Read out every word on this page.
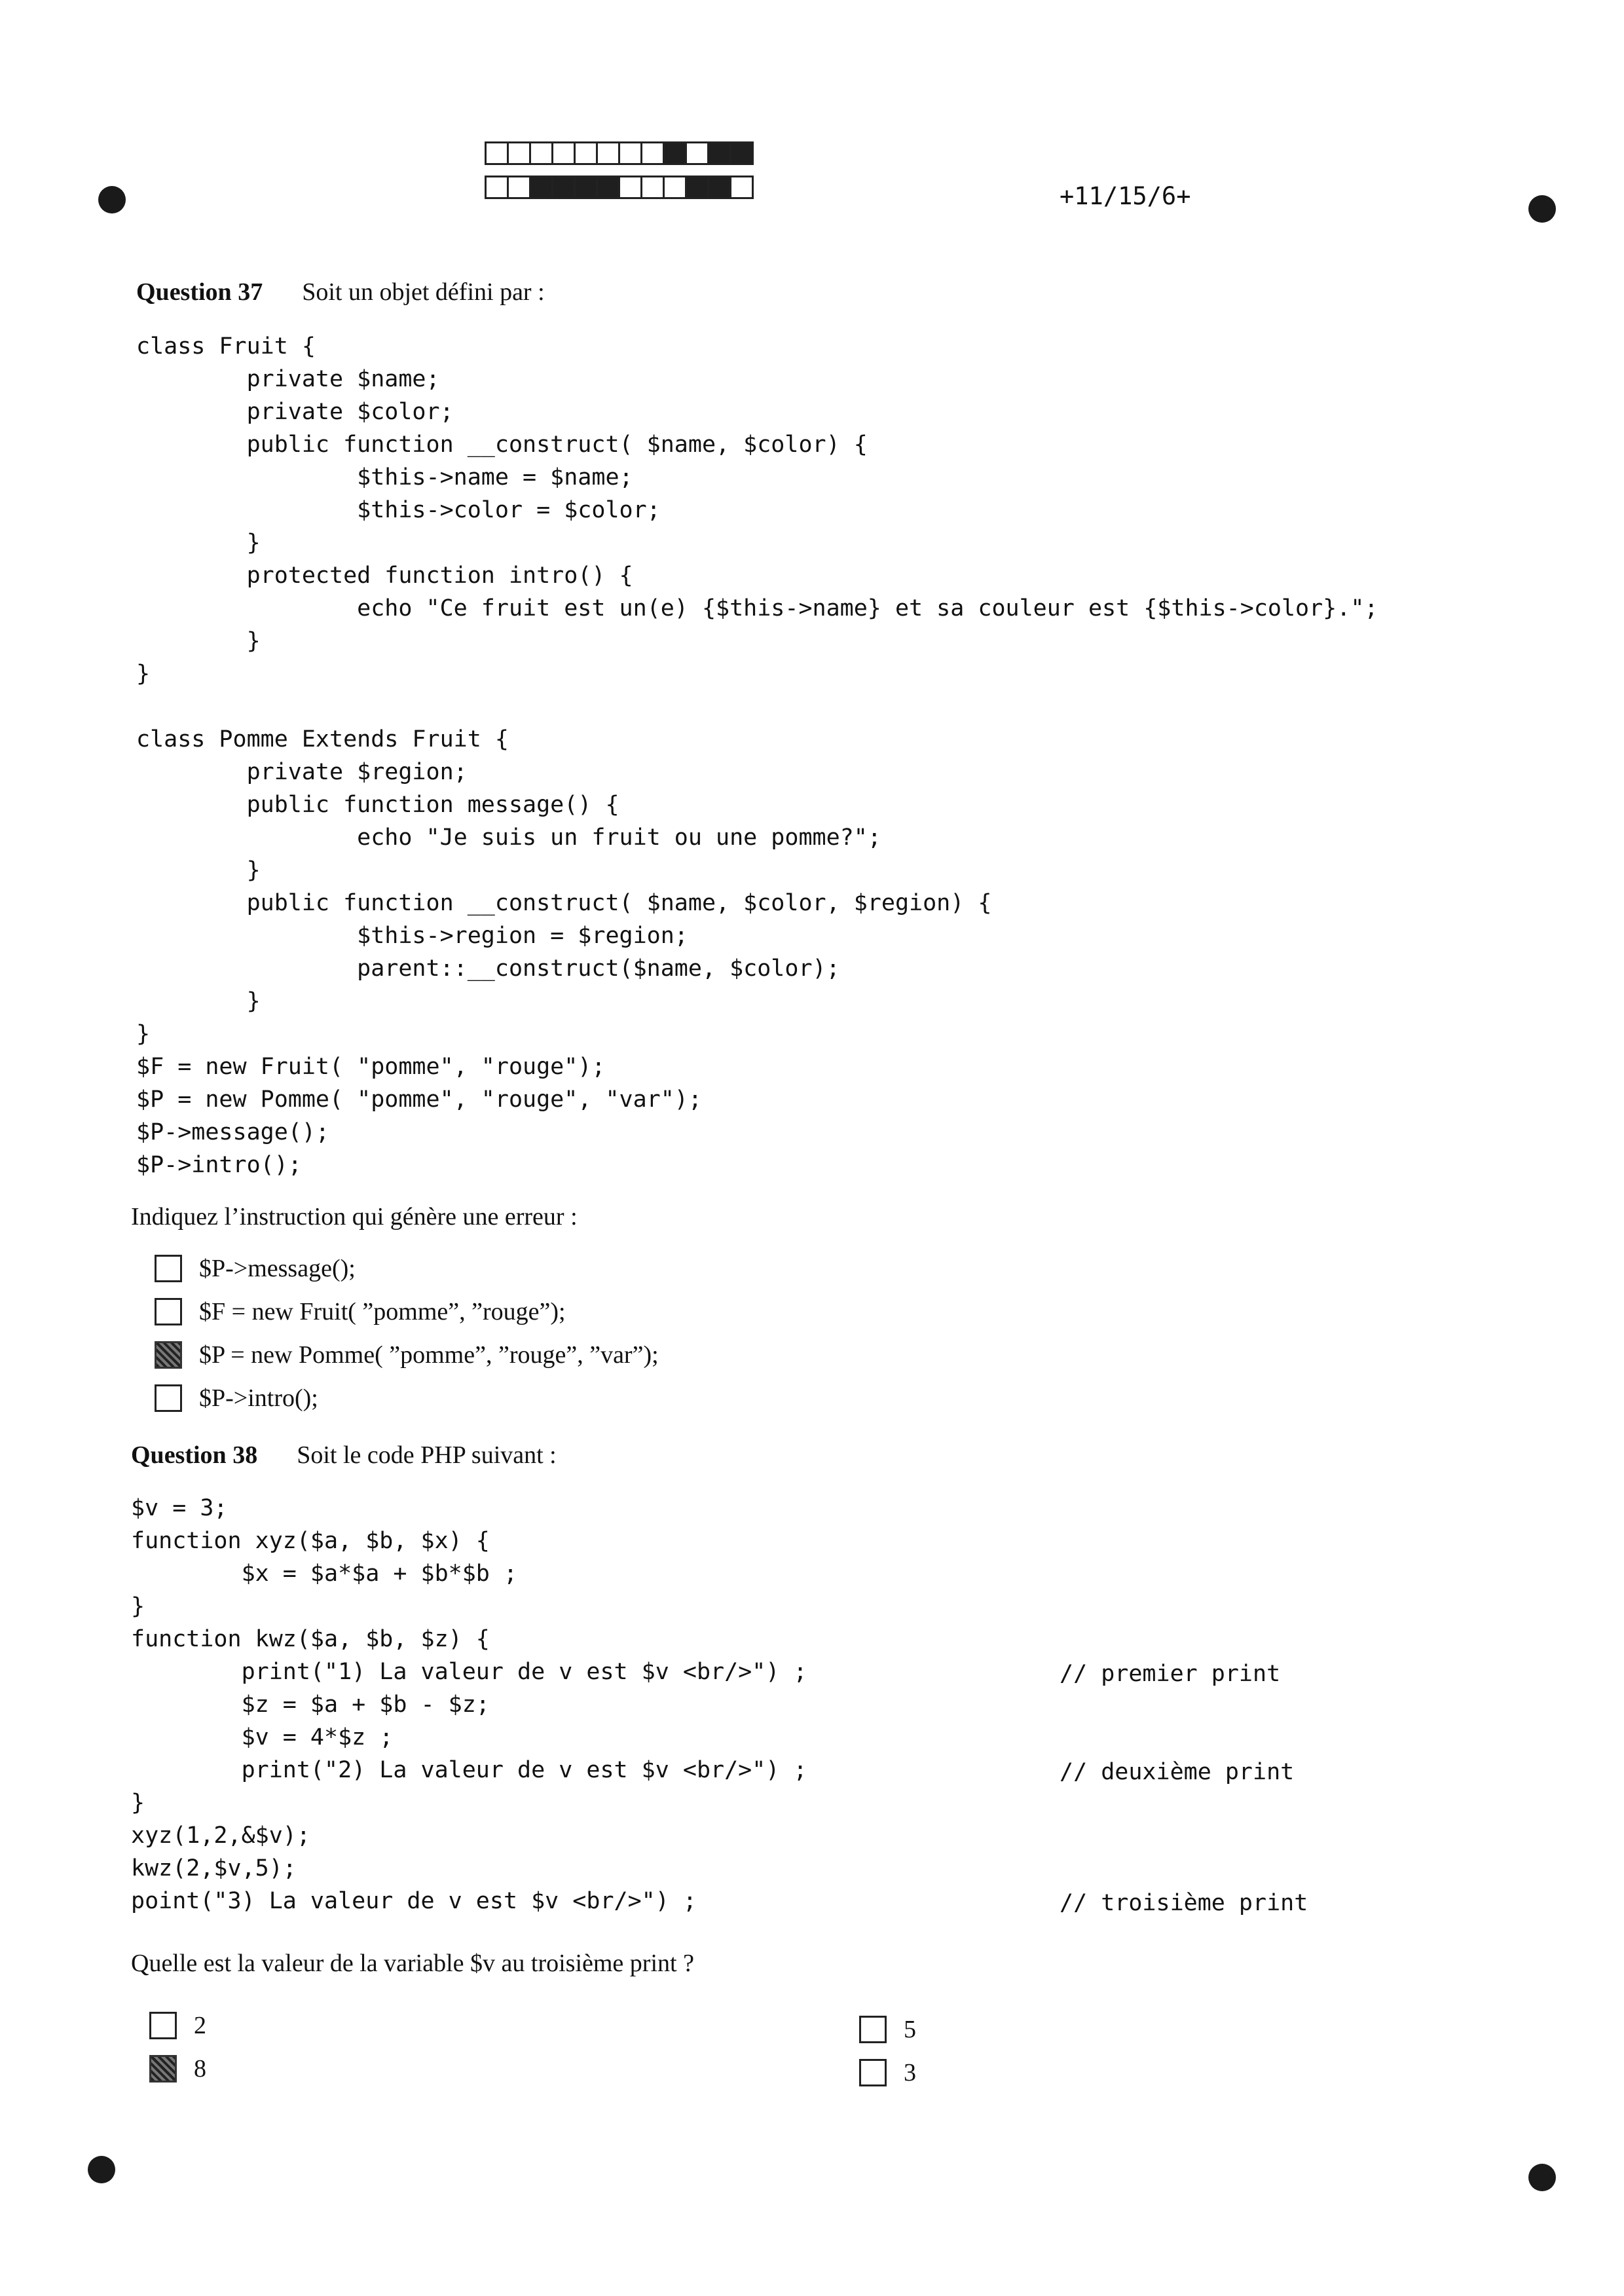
+11/15/6+
Question 37 Soit un objet défini par :
class Fruit {
private $name;
private $color;
public function __construct( $name, $color) {
$this->name = $name;
$this->color = $color;
}
protected function intro() {
echo "Ce fruit est un(e) {$this->name} et sa couleur est {$this->color}.";
}
}

class Pomme Extends Fruit {
private $region;
public function message() {
echo "Je suis un fruit ou une pomme?";
}
public function __construct( $name, $color, $region) {
$this->region = $region;
parent::__construct($name, $color);
}
}
$F = new Fruit( "pomme", "rouge");
$P = new Pomme( "pomme", "rouge", "var");
$P->message();
$P->intro();
Indiquez l’instruction qui génère une erreur :
$P->message();
$F = new Fruit( ”pomme”, ”rouge”);
$P = new Pomme( ”pomme”, ”rouge”, ”var”);
$P->intro();
Question 38 Soit le code PHP suivant :
$v = 3;
function xyz($a, $b, $x) {
$x = $a*$a + $b*$b ;
}
function kwz($a, $b, $z) {
print("1) La valeur de v est $v <br/>") ;
$z = $a + $b - $z;
$v = 4*$z ;
print("2) La valeur de v est $v <br/>") ;
}
xyz(1,2,&$v);
kwz(2,$v,5);
point("3) La valeur de v est $v <br/>") ;
// premier print
// deuxième print
// troisième print
Quelle est la valeur de la variable $v au troisième print ?
2
8
5
3
